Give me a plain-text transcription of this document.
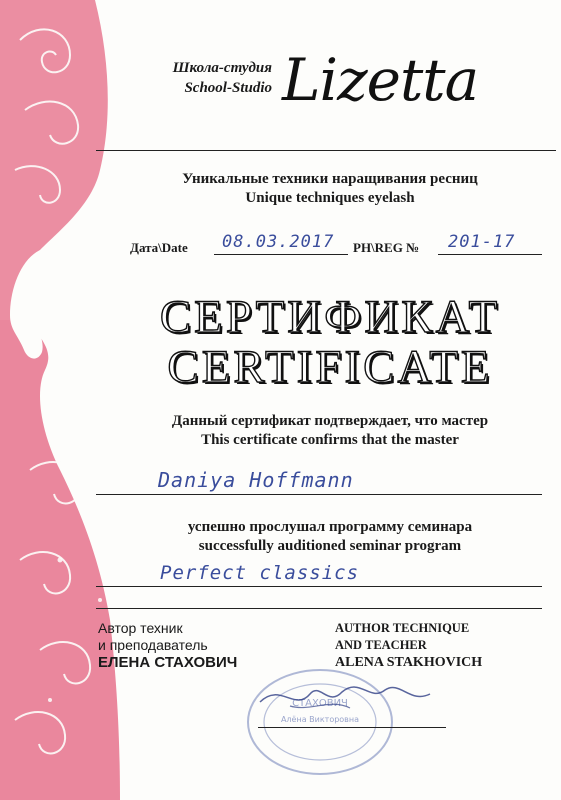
Школа-студия
School-Studio Lizetta
Уникальные техники наращивания ресниц
Unique techniques eyelash
Дата\Date 08.03.2017 PH\REG № 201-17
СЕРТИФИКАТ
CERTIFICATE
Данный сертификат подтверждает, что мастер
This certificate confirms that the master
Daniya Hoffmann
успешно прослушал программу семинара
successfully auditioned seminar program
Perfect classics
Автор техник
и преподаватель
ЕЛЕНА СТАХОВИЧ
AUTHOR TECHNIQUE
AND TEACHER
ALENA STAKHOVICH
СТАХОВИЧ
Алёна Викторовна
